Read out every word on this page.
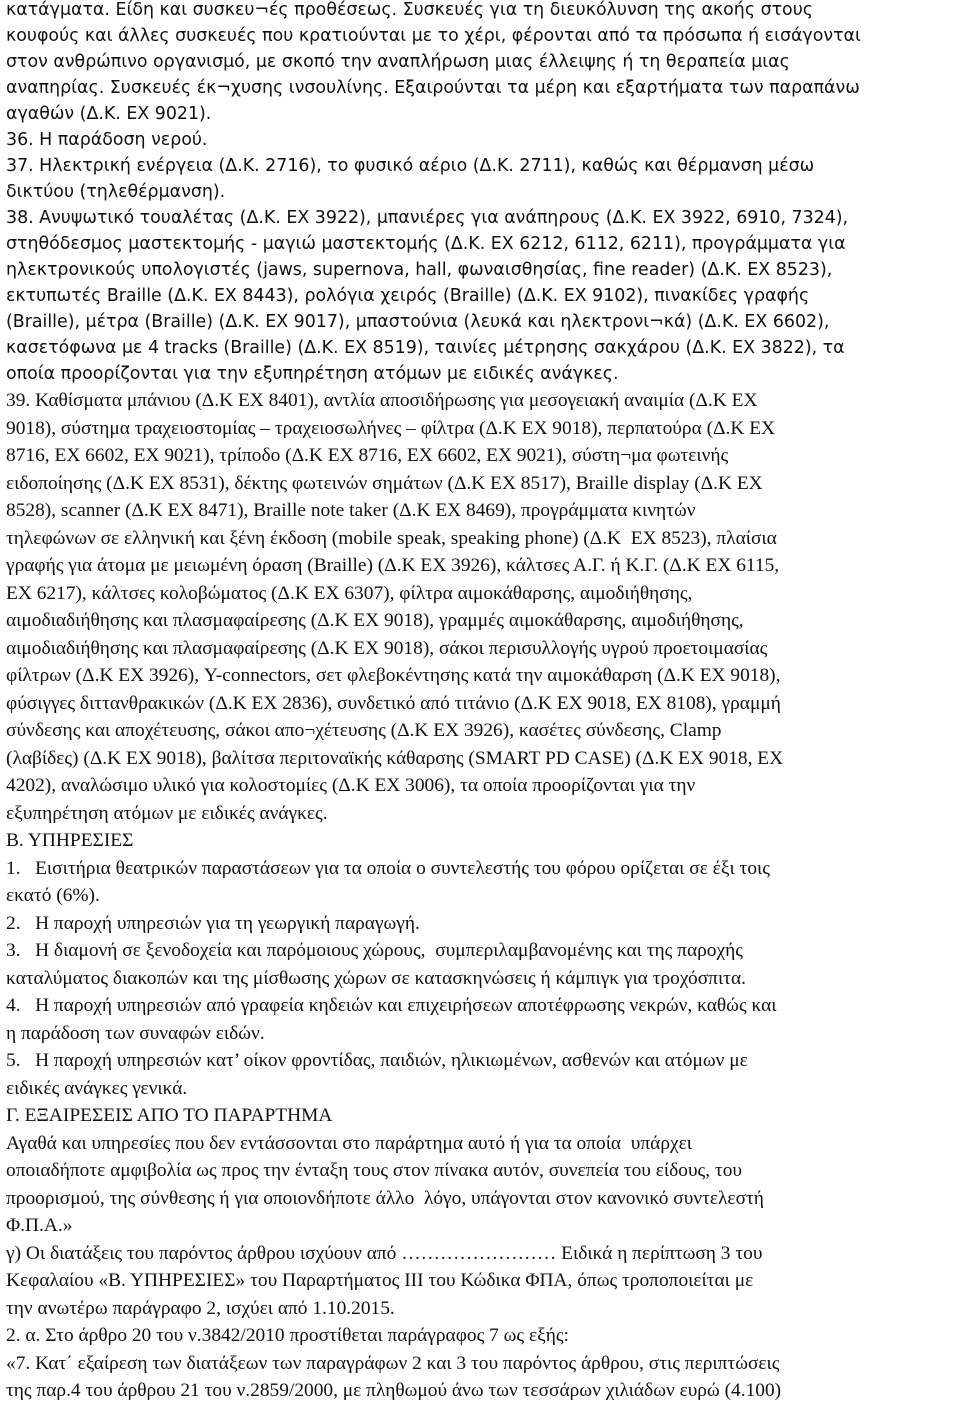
κατάγματα. Είδη και συσκευ¬ές προθέσεως. Συσκευές για τη διευκόλυνση της ακοής στους
κουφούς και άλλες συσκευές που κρατιούνται με το χέρι, φέρονται από τα πρόσωπα ή εισάγονται
στον ανθρώπινο οργανισμό, με σκοπό την αναπλήρωση μιας έλλειψης ή τη θεραπεία μιας
αναπηρίας. Συσκευές έκ¬χυσης ινσουλίνης. Εξαιρούνται τα μέρη και εξαρτήματα των παραπάνω
αγαθών (Δ.Κ. ΕΧ 9021).

36. Η παράδοση νερού.

37. Ηλεκτρική ενέργεια (Δ.Κ. 2716), το φυσικό αέριο (Δ.Κ. 2711), καθώς και θέρμανση μέσω
δικτύου (τηλεθέρμανση).

38. Ανυψωτικό τουαλέτας (Δ.Κ. ΕΧ 3922), μπανιέρες για ανάπηρους (Δ.Κ. ΕΧ 3922, 6910, 7324),
στηθόδεσμος μαστεκτομής - μαγιώ μαστεκτομής (Δ.Κ. ΕΧ 6212, 6112, 6211), προγράμματα για
ηλεκτρονικούς υπολογιστές (jaws, supernova, hall, φωναισθησίας, fine reader) (Δ.Κ. ΕΧ 8523),
εκτυπωτές Braille (Δ.Κ. ΕΧ 8443), ρολόγια χειρός (Braille) (Δ.Κ. ΕΧ 9102), πινακίδες γραφής
(Braille), μέτρα (Braille) (Δ.Κ. ΕΧ 9017), μπαστούνια (λευκά και ηλεκτρονι¬κά) (Δ.Κ. ΕΧ 6602),
κασετόφωνα με 4 tracks (Braille) (Δ.Κ. ΕΧ 8519), ταινίες μέτρησης σακχάρου (Δ.Κ. ΕΧ 3822), τα
οποία προορίζονται για την εξυπηρέτηση ατόμων με ειδικές ανάγκες.

39. Καθίσματα μπάνιου (Δ.Κ ΕΧ 8401), αντλία αποσιδήρωσης για μεσογειακή αναιμία (Δ.Κ ΕΧ
9018), σύστημα τραχειοστομίας – τραχειοσωλήνες – φίλτρα (Δ.Κ ΕΧ 9018), περπατούρα (Δ.Κ ΕΧ
8716, ΕΧ 6602, ΕΧ 9021), τρίποδο (Δ.Κ ΕΧ 8716, ΕΧ 6602, ΕΧ 9021), σύστη¬μα φωτεινής
ειδοποίησης (Δ.Κ ΕΧ 8531), δέκτης φωτεινών σημάτων (Δ.Κ ΕΧ 8517), Braille display (Δ.Κ ΕΧ
8528), scanner (Δ.Κ ΕΧ 8471), Braille note taker (Δ.Κ ΕΧ 8469), προγράμματα κινητών
τηλεφώνων σε ελληνική και ξένη έκδοση (mobile speak, speaking phone) (Δ.Κ  ΕΧ 8523), πλαίσια
γραφής για άτομα με μειωμένη όραση (Braille) (Δ.Κ ΕΧ 3926), κάλτσες Α.Γ. ή Κ.Γ. (Δ.Κ ΕΧ 6115,
ΕΧ 6217), κάλτσες κολοβώματος (Δ.Κ ΕΧ 6307), φίλτρα αιμοκάθαρσης, αιμοδιήθησης,
αιμοδιαδιήθησης και πλασμαφαίρεσης (Δ.Κ ΕΧ 9018), γραμμές αιμοκάθαρσης, αιμοδιήθησης,
αιμοδιαδιήθησης και πλασμαφαίρεσης (Δ.Κ ΕΧ 9018), σάκοι περισυλλογής υγρού προετοιμασίας
φίλτρων (Δ.Κ ΕΧ 3926), Y-connectors, σετ φλεβοκέντησης κατά την αιμοκάθαρση (Δ.Κ ΕΧ 9018),
φύσιγγες διττανθρακικών (Δ.Κ ΕΧ 2836), συνδετικό από τιτάνιο (Δ.Κ ΕΧ 9018, ΕΧ 8108), γραμμή
σύνδεσης και αποχέτευσης, σάκοι απο¬χέτευσης (Δ.Κ ΕΧ 3926), κασέτες σύνδεσης, Clamp
(λαβίδες) (Δ.Κ ΕΧ 9018), βαλίτσα περιτοναϊκής κάθαρσης (SMART PD CASE) (Δ.Κ ΕΧ 9018, ΕΧ
4202), αναλώσιμο υλικό για κολοστομίες (Δ.Κ ΕΧ 3006), τα οποία προορίζονται για την
εξυπηρέτηση ατόμων με ειδικές ανάγκες.

Β. ΥΠΗΡΕΣΙΕΣ

1.   Εισιτήρια θεατρικών παραστάσεων για τα οποία ο συντελεστής του φόρου ορίζεται σε έξι τοις
εκατό (6%).

2.   Η παροχή υπηρεσιών για τη γεωργική παραγωγή.

3.   Η διαμονή σε ξενοδοχεία και παρόμοιους χώρους,  συμπεριλαμβανομένης και της παροχής
καταλύματος διακοπών και της μίσθωσης χώρων σε κατασκηνώσεις ή κάμπιγκ για τροχόσπιτα.

4.   Η παροχή υπηρεσιών από γραφεία κηδειών και επιχειρήσεων αποτέφρωσης νεκρών, καθώς και
η παράδοση των συναφών ειδών.

5.   Η παροχή υπηρεσιών κατ’ οίκον φροντίδας, παιδιών, ηλικιωμένων, ασθενών και ατόμων με
ειδικές ανάγκες γενικά.

Γ. ΕΞΑΙΡΕΣΕΙΣ ΑΠΟ ΤΟ ΠΑΡΑΡΤΗΜΑ

Αγαθά και υπηρεσίες που δεν εντάσσονται στο παράρτημα αυτό ή για τα οποία  υπάρχει
οποιαδήποτε αμφιβολία ως προς την ένταξη τους στον πίνακα αυτόν, συνεπεία του είδους, του
προορισμού, της σύνθεσης ή για οποιονδήποτε άλλο  λόγο, υπάγονται στον κανονικό συντελεστή
Φ.Π.Α.»

γ) Οι διατάξεις του παρόντος άρθρου ισχύουν από …………………… Ειδικά η περίπτωση 3 του
Κεφαλαίου «Β. ΥΠΗΡΕΣΙΕΣ» του Παραρτήματος ΙΙΙ του Κώδικα ΦΠΑ, όπως τροποποιείται με
την ανωτέρω παράγραφο 2, ισχύει από 1.10.2015.

2. α. Στο άρθρο 20 του ν.3842/2010 προστίθεται παράγραφος 7 ως εξής:

«7. Κατ΄ εξαίρεση των διατάξεων των παραγράφων 2 και 3 του παρόντος άρθρου, στις περιπτώσεις
της παρ.4 του άρθρου 21 του ν.2859/2000, με πληθωμού άνω των τεσσάρων χιλιάδων ευρώ (4.100)
